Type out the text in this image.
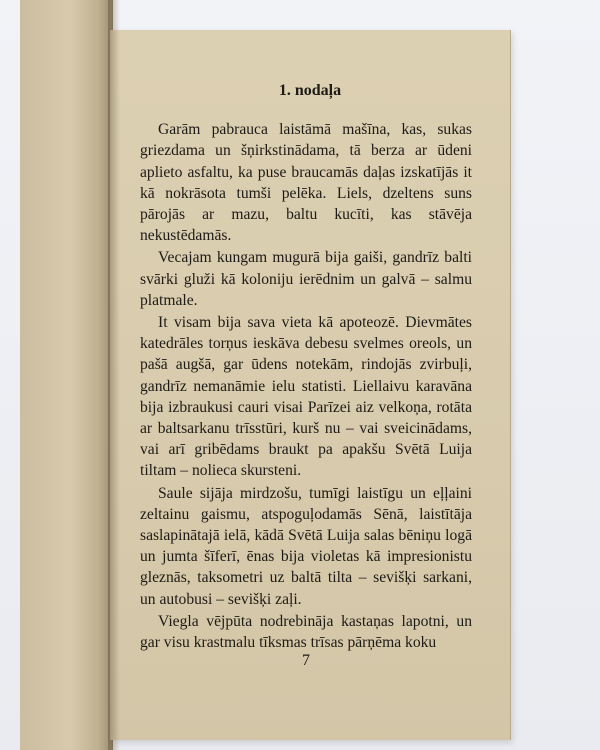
1. nodaļa

Garām pabrauca laistāmā mašīna, kas, sukas griezdama un šņirkstinādama, tā berza ar ūdeni aplieto asfaltu, ka puse braucamās daļas izskatījās it kā nokrāsota tumši pelēka. Liels, dzeltens suns pārojās ar mazu, baltu kucīti, kas stāvēja nekustēdamās.

Vecajam kungam mugurā bija gaiši, gandrīz balti svārki gluži kā koloniju ierēdnim un galvā – salmu platmale.

It visam bija sava vieta kā apoteozē. Dievmātes katedrāles torņus ieskāva debesu svelmes oreols, un pašā augšā, gar ūdens notekām, rindojās zvirbuļi, gandrīz nemanāmie ielu statisti. Liellaivu karavāna bija izbraukusi cauri visai Parīzei aiz velkoņa, rotāta ar baltsarkanu trīsstūri, kurš nu – vai sveicinādams, vai arī gribēdams braukt pa apakšu Svētā Luija tiltam – nolieca skursteni.

Saule sijāja mirdzošu, tumīgi laistīgu un eļļaini zeltainu gaismu, atspoguļodamās Sēnā, laistītāja saslapinātajā ielā, kādā Svētā Luija salas bēniņu logā un jumta šīferī, ēnas bija violetas kā impresionistu gleznās, taksometri uz baltā tilta – sevišķi sarkani, un autobusi – sevišķi zaļi.

Viegla vējpūta nodrebināja kastaņas lapotni, un gar visu krastmalu tīksmas trīsas pārņēma koku

7
